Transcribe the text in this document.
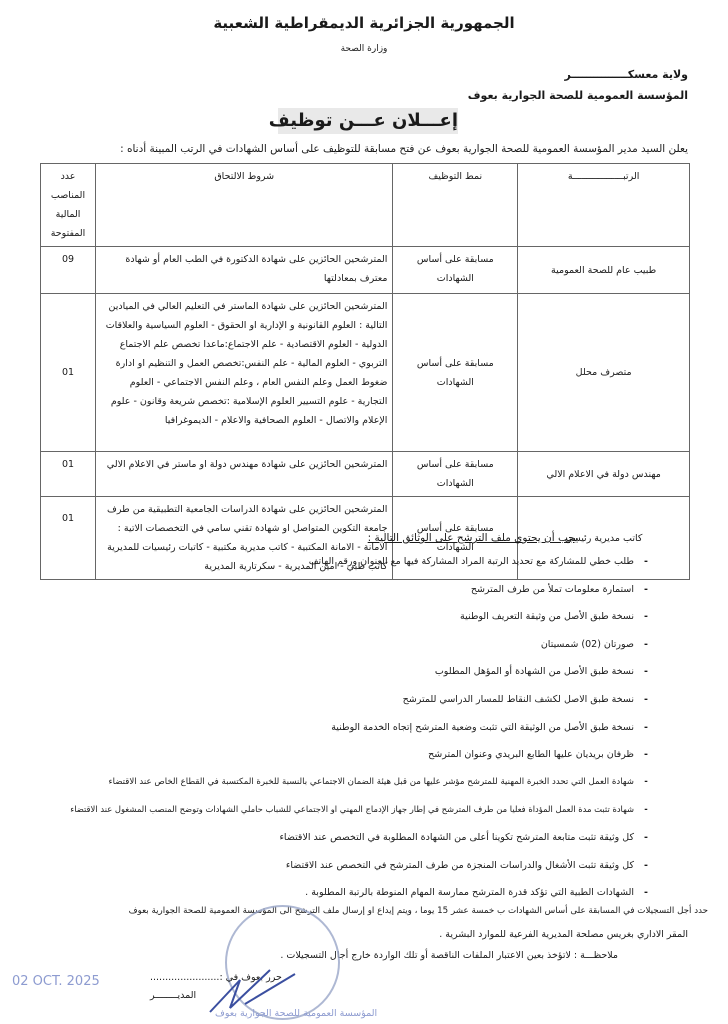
الجمهورية الجزائرية الديمقراطية الشعبية
وزارة الصحة
ولاية معسكـــــــــــــــر
المؤسسة العمومية للصحة الجوارية بعوف
إعـــلان عـــن توظيف
يعلن السيد مدير المؤسسة العمومية للصحة الجوارية بعوف عن فتح مسابقة للتوظيف على أساس الشهادات في الرتب المبينة أدناه :
الرتبــــــــــــــــــة	نمط التوظيف	شروط الالتحاق	عدد المناصب المالية المفتوحة
طبيب عام للصحة العمومية	مسابقة على أساس الشهادات	المترشحين الحائزين على شهادة الدكتورة في الطب العام أو شهادة معترف بمعادلتها	09
متصرف محلل	مسابقة على أساس الشهادات	المترشحين الحائزين على شهادة الماستر في التعليم العالي في الميادين التالية : العلوم القانونية و الإدارية او الحقوق - العلوم السياسية والعلاقات الدولية - العلوم الاقتصادية - علم الاجتماع:ماعدا تخصص علم الاجتماع التربوي - العلوم المالية - علم النفس:تخصص العمل و التنظيم او ادارة ضغوط العمل وعلم النفس العام ، وعلم النفس الاجتماعي - العلوم التجارية - علوم التسيير العلوم الإسلامية :تخصص شريعة وقانون - علوم الإعلام والاتصال - العلوم الصحافية والاعلام - الديموغرافيا	01
مهندس دولة في الاعلام الالي	مسابقة على أساس الشهادات	المترشحين الحائزين على شهادة مهندس دولة او ماستر في الاعلام الالي	01
كاتب مديرية رئيسي	مسابقة على أساس الشهادات	المترشحين الحائزين على شهادة الدراسات الجامعية التطبيقية من طرف جامعة التكوين المتواصل او شهادة تقني سامي في التخصصات الاتية : الامانة - الامانة المكتبية - كاتب مديرية مكتبية - كاتبات رئيسيات للمديرية كاتب طبي - امين المديرية - سكرتارية المديرية	01
يجب أن يحتوي ملف الترشح على الوثائق التالية :
- طلب خطي للمشاركة مع تحديد الرتبة المراد المشاركة فيها مع العنوان ورقم الهاتف
- استمارة معلومات تملأ من طرف المترشح
- نسخة طبق الأصل من وثيقة التعريف الوطنية
- صورتان (02) شمسيتان
- نسخة طبق الأصل من الشهادة أو المؤهل المطلوب
- نسخة طبق الاصل لكشف النقاط للمسار الدراسي للمترشح
- نسخة طبق الأصل من الوثيقة التي تثبت وضعية المترشح إتجاه الخدمة الوطنية
- ظرفان بريديان عليها الطابع البريدي وعنوان المترشح
- شهادة العمل التي تحدد الخبرة المهنية للمترشح مؤشر عليها من قبل هيئة الضمان الاجتماعي بالنسبة للخبرة المكتسبة في القطاع الخاص عند الاقتضاء
- شهادة تثبت مدة العمل المؤداة فعليا من طرف المترشح في إطار جهاز الإدماج المهني او الاجتماعي للشباب حاملي الشهادات وتوضح المنصب المشغول عند الاقتضاء
- كل وثيقة تثبت متابعة المترشح تكوينا أعلى من الشهادة المطلوبة في التخصص عند الاقتضاء
- كل وثيقة تثبت الأشغال والدراسات المنجزة من طرف المترشح في التخصص عند الاقتضاء
- الشهادات الطبية التي تؤكد قدرة المترشح ممارسة المهام المنوطة بالرتبة المطلوبة .
حدد أجل التسجيلات في المسابقة على أساس الشهادات ب خمسة عشر 15 يوما ، ويتم إيداع او إرسال ملف الترشح الى المؤسسة العمومية للصحة الجوارية بعوف
المقر الاداري بغريس مصلحة المديرية الفرعية للموارد البشرية .
ملاحظـــة : لاتؤخذ بعين الاعتبار الملفات الناقصة أو تلك الواردة خارج أجال التسجيلات .
02 OCT. 2025	حرر بعوف في :.......................
المديــــــــر
المؤسسة العمومية للصحة الجوارية بعوف
